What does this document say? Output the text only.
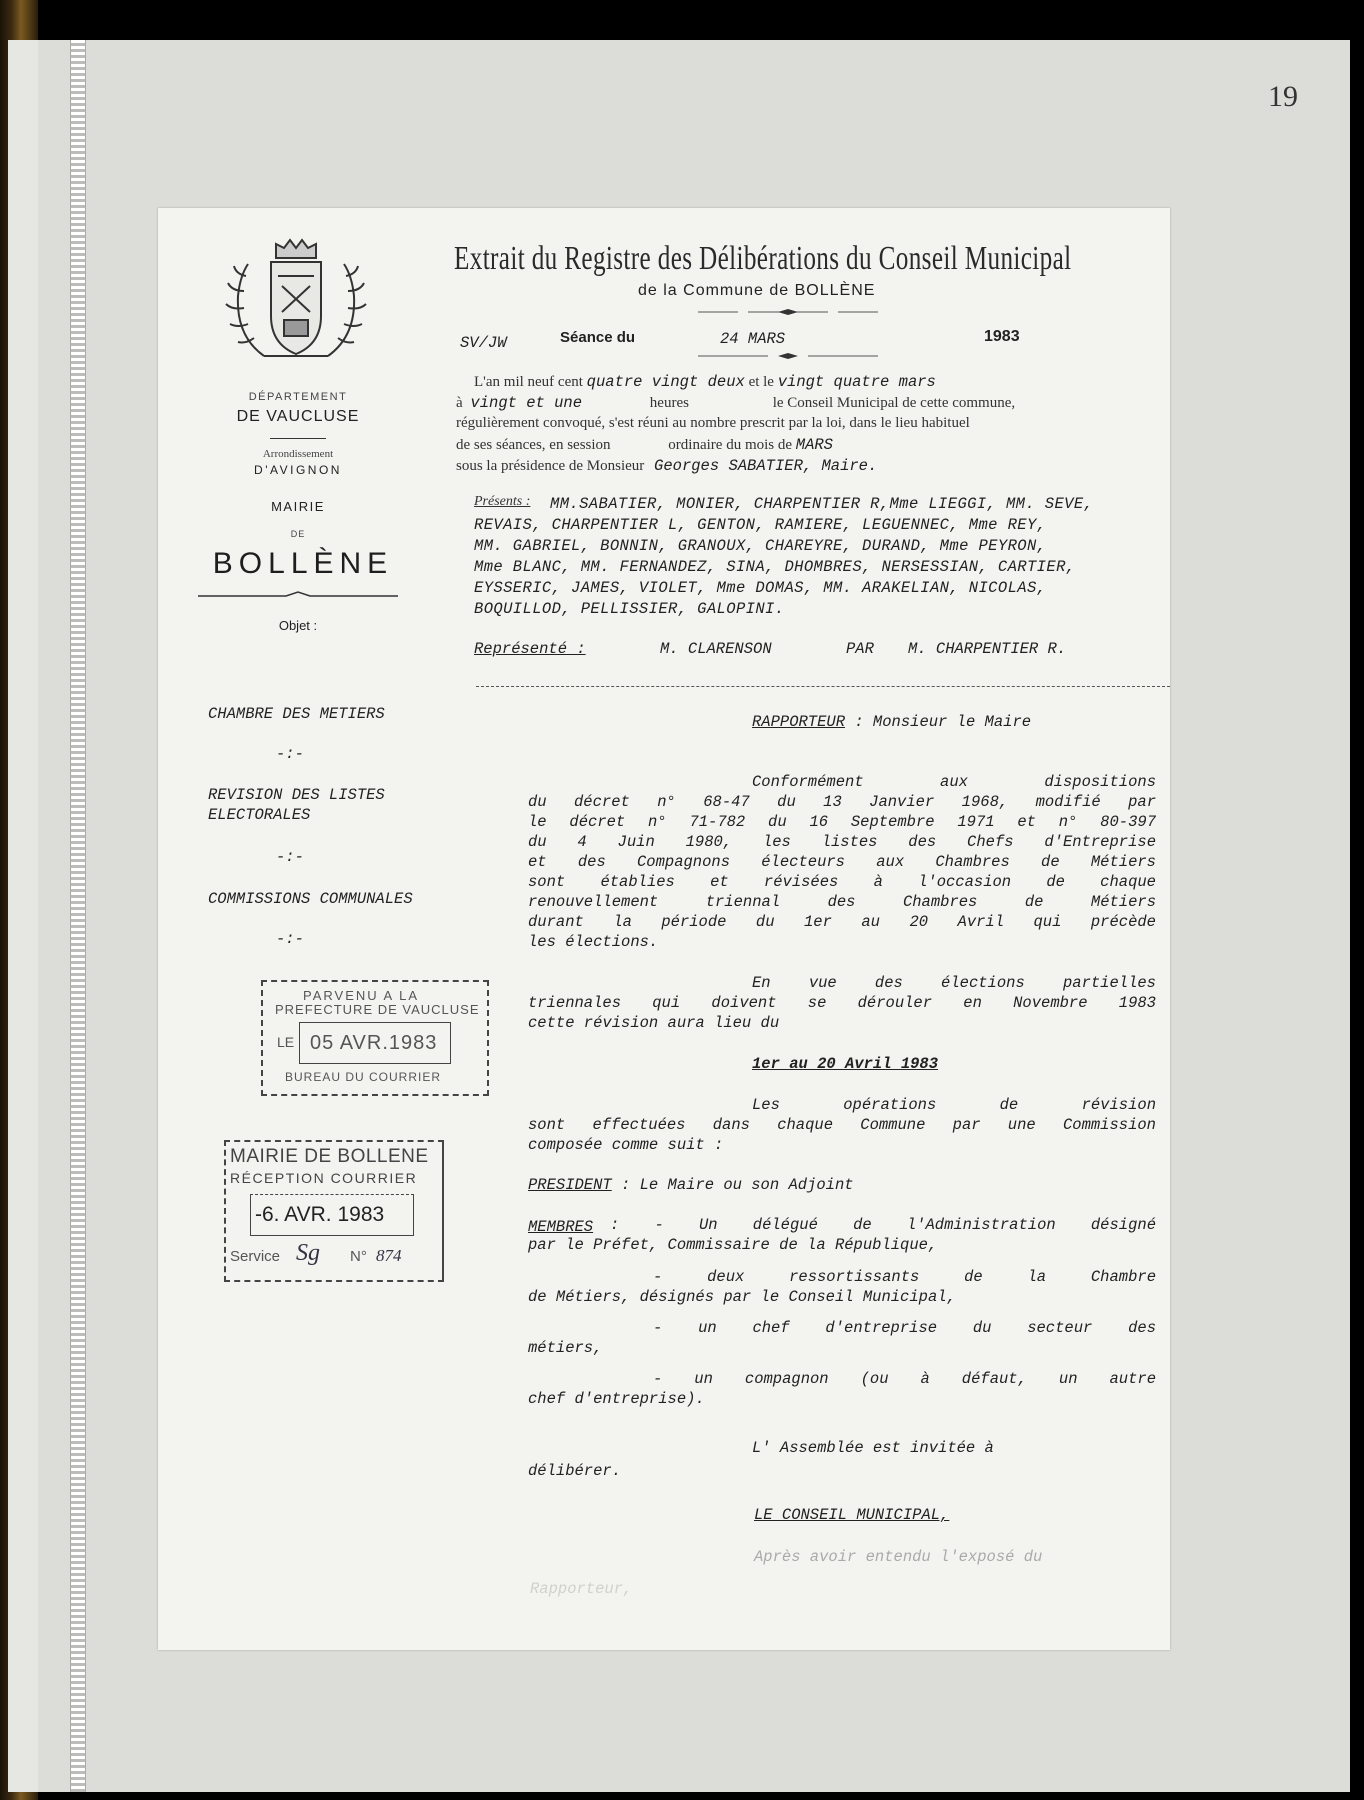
19
DÉPARTEMENT
DE VAUCLUSE
Arrondissement
D'AVIGNON
MAIRIE
DE
BOLLÈNE
Objet :
CHAMBRE DES METIERS
-:-
REVISION DES LISTES
ELECTORALES
-:-
COMMISSIONS COMMUNALES
-:-
PARVENU A LA
PREFECTURE DE VAUCLUSE
LE 05 AVR.1983
BUREAU DU COURRIER
MAIRIE DE BOLLENE
RÉCEPTION COURRIER
-6. AVR. 1983
Service Sg N° 874
Extrait du Registre des Délibérations du Conseil Municipal
de la Commune de BOLLÈNE
SV/JW	Séance du	24 MARS	1983
L'an mil neuf cent quatre vingt deux et le vingt quatre mars
à vingt et une	heures	le Conseil Municipal de cette commune,
régulièrement convoqué, s'est réuni au nombre prescrit par la loi, dans le lieu habituel
de ses séances, en session	ordinaire du mois de MARS
sous la présidence de Monsieur Georges SABATIER, Maire.
Présents : MM.SABATIER, MONIER, CHARPENTIER R,Mme LIEGGI, MM. SEVE,
REVAIS, CHARPENTIER L, GENTON, RAMIERE, LEGUENNEC, Mme REY,
MM. GABRIEL, BONNIN, GRANOUX, CHAREYRE, DURAND, Mme PEYRON,
Mme BLANC, MM. FERNANDEZ, SINA, DHOMBRES, NERSESSIAN, CARTIER,
EYSSERIC, JAMES, VIOLET, Mme DOMAS, MM. ARAKELIAN, NICOLAS,
BOQUILLOD, PELLISSIER, GALOPINI.
Représenté :	M. CLARENSON	PAR M. CHARPENTIER R.
RAPPORTEUR : Monsieur le Maire
Conformément aux dispositions
du décret n° 68-47 du 13 Janvier 1968, modifié par
le décret n° 71-782 du 16 Septembre 1971 et n° 80-397
du 4 Juin 1980, les listes des Chefs d'Entreprise
et des Compagnons électeurs aux Chambres de Métiers
sont établies et révisées à l'occasion de chaque
renouvellement triennal des Chambres de Métiers
durant la période du 1er au 20 Avril qui précède
les élections.
En vue des élections partielles
triennales qui doivent se dérouler en Novembre 1983
cette révision aura lieu du
1er au 20 Avril 1983
Les opérations de révision
sont effectuées dans chaque Commune par une Commission
composée comme suit :
PRESIDENT : Le Maire ou son Adjoint
MEMBRES : - Un délégué de l'Administration désigné
par le Préfet, Commissaire de la République,
- deux ressortissants de la Chambre
de Métiers, désignés par le Conseil Municipal,
- un chef d'entreprise du secteur des
métiers,
- un compagnon (ou à défaut, un autre
chef d'entreprise).
L' Assemblée est invitée à
délibérer.
LE CONSEIL MUNICIPAL,
Après avoir entendu l'exposé du
Rapporteur,
